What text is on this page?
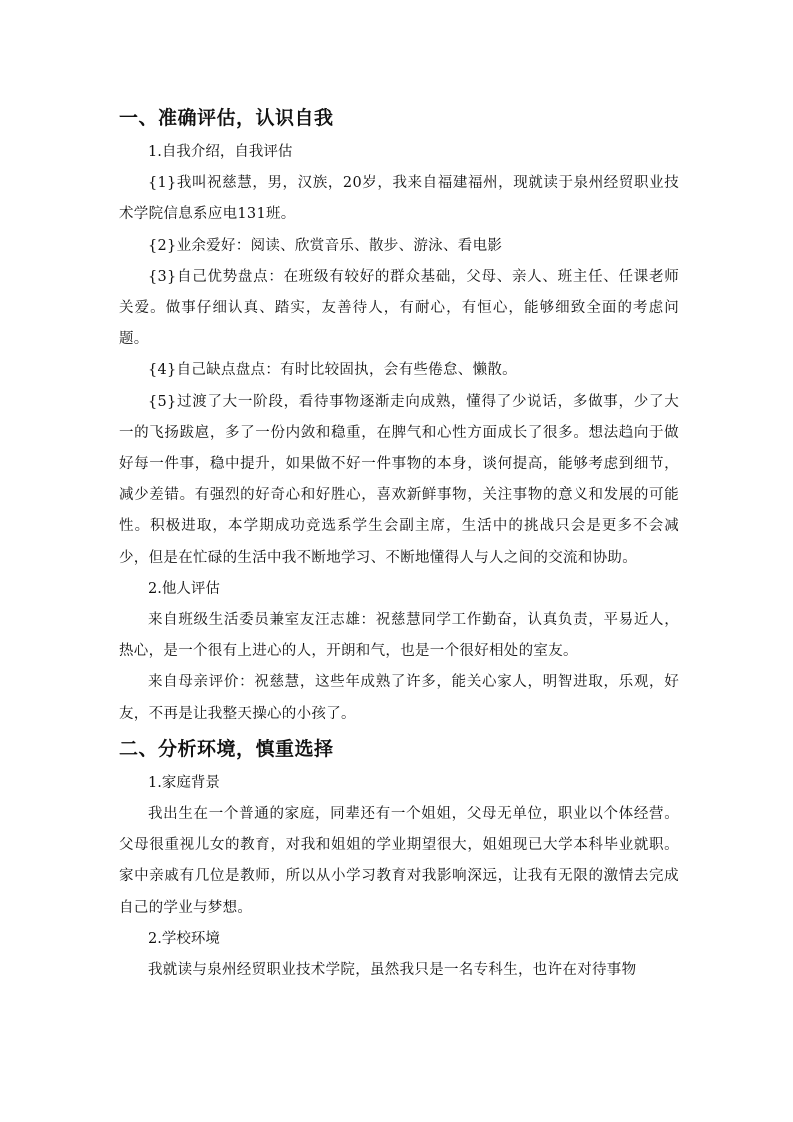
一、准确评估，认识自我

1.自我介绍，自我评估

{1}我叫祝慈慧，男，汉族，20岁，我来自福建福州，现就读于泉州经贸职业技术学院信息系应电131班。

{2}业余爱好：阅读、欣赏音乐、散步、游泳、看电影

{3}自己优势盘点：在班级有较好的群众基础，父母、亲人、班主任、任课老师关爱。做事仔细认真、踏实，友善待人，有耐心，有恒心，能够细致全面的考虑问题。

{4}自己缺点盘点：有时比较固执，会有些倦怠、懒散。

{5}过渡了大一阶段，看待事物逐渐走向成熟，懂得了少说话，多做事，少了大一的飞扬跋扈，多了一份内敛和稳重，在脾气和心性方面成长了很多。想法趋向于做好每一件事，稳中提升，如果做不好一件事物的本身，谈何提高，能够考虑到细节，减少差错。有强烈的好奇心和好胜心，喜欢新鲜事物，关注事物的意义和发展的可能性。积极进取，本学期成功竞选系学生会副主席，生活中的挑战只会是更多不会减少，但是在忙碌的生活中我不断地学习、不断地懂得人与人之间的交流和协助。

2.他人评估

来自班级生活委员兼室友汪志雄：祝慈慧同学工作勤奋，认真负责，平易近人，热心，是一个很有上进心的人，开朗和气，也是一个很好相处的室友。

来自母亲评价：祝慈慧，这些年成熟了许多，能关心家人，明智进取，乐观，好友，不再是让我整天操心的小孩了。

二、分析环境，慎重选择

1.家庭背景

我出生在一个普通的家庭，同辈还有一个姐姐，父母无单位，职业以个体经营。父母很重视儿女的教育，对我和姐姐的学业期望很大，姐姐现已大学本科毕业就职。家中亲戚有几位是教师，所以从小学习教育对我影响深远，让我有无限的激情去完成自己的学业与梦想。

2.学校环境

我就读与泉州经贸职业技术学院，虽然我只是一名专科生，也许在对待事物
